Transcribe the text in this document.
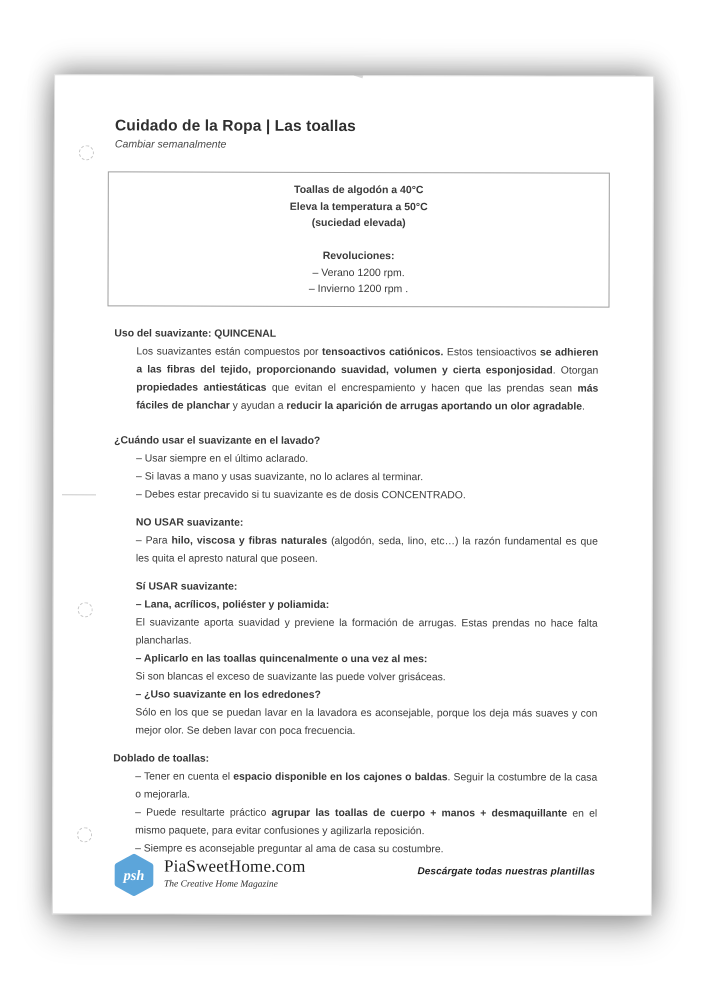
Cuidado de la Ropa | Las toallas
Cambiar semanalmente
Toallas de algodón a 40°C
Eleva la temperatura a 50°C
(suciedad elevada)

Revoluciones:
– Verano 1200 rpm.
– Invierno 1200 rpm .
Uso del suavizante: QUINCENAL
Los suavizantes están compuestos por tensoactivos catiónicos. Estos tensioactivos se adhieren a las fibras del tejido, proporcionando suavidad, volumen y cierta esponjosidad. Otorgan propiedades antiestáticas que evitan el encrespamiento y hacen que las prendas sean más fáciles de planchar y ayudan a reducir la aparición de arrugas aportando un olor agradable.
¿Cuándo usar el suavizante en el lavado?
– Usar siempre en el último aclarado.
– Si lavas a mano y usas suavizante, no lo aclares al terminar.
– Debes estar precavido si tu suavizante es de dosis CONCENTRADO.
NO USAR suavizante:
– Para hilo, viscosa y fibras naturales (algodón, seda, lino, etc…) la razón fundamental es que les quita el apresto natural que poseen.
Sí USAR suavizante:
– Lana, acrílicos, poliéster y poliamida:
El suavizante aporta suavidad y previene la formación de arrugas. Estas prendas no hace falta plancharlas.
– Aplicarlo en las toallas quincenalmente o una vez al mes:
Si son blancas el exceso de suavizante las puede volver grisáceas.
– ¿Uso suavizante en los edredones?
Sólo en los que se puedan lavar en la lavadora es aconsejable, porque los deja más suaves y con mejor olor. Se deben lavar con poca frecuencia.
Doblado de toallas:
– Tener en cuenta el espacio disponible en los cajones o baldas. Seguir la costumbre de la casa o mejorarla.
– Puede resultarte práctico agrupar las toallas de cuerpo + manos + desmaquillante en el mismo paquete, para evitar confusiones y agilizarla reposición.
– Siempre es aconsejable preguntar al ama de casa su costumbre.
psh
PiaSweetHome.com
The Creative Home Magazine
Descárgate todas nuestras plantillas
